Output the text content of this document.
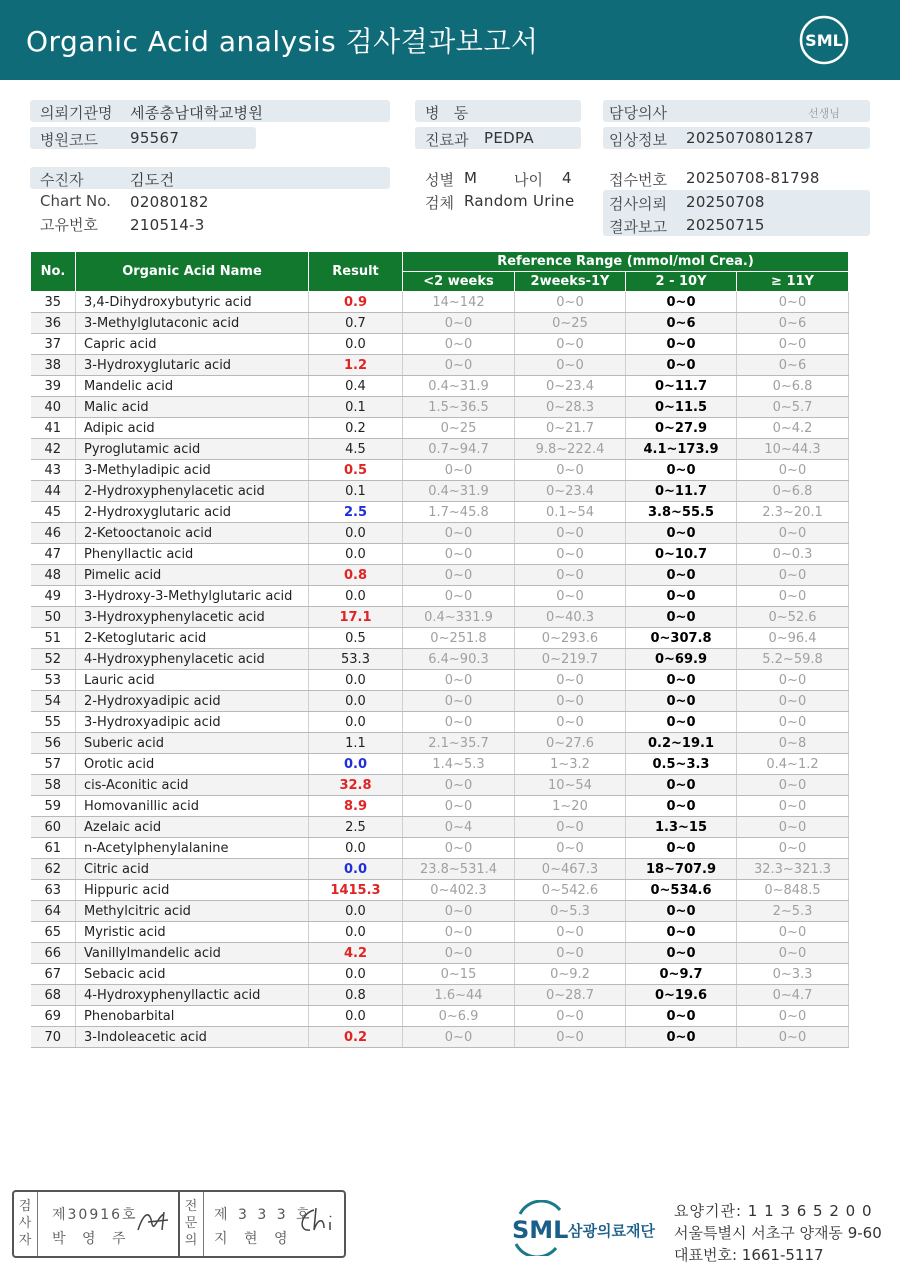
Organic Acid analysis 검사결과보고서	SML
의뢰기관명 세종충남대학교병원
병원코드 95567
병   동
진료과 PEDPA
담당의사	선생님
임상정보 2025070801287
수진자	김도건
Chart No. 02080182
고유번호 210514-3
성별 M 나이 4
검체 Random Urine
접수번호 20250708-81798
검사의뢰 20250708
결과보고 20250715
No.	Organic Acid Name	Result	Reference Range (mmol/mol Crea.)			
			<2 weeks	2weeks-1Y	2 - 10Y	≥ 11Y
35	3,4-Dihydroxybutyric acid	0.9	14~142	0~0	0~0	0~0
36	3-Methylglutaconic acid	0.7	0~0	0~25	0~6	0~6
37	Capric acid	0.0	0~0	0~0	0~0	0~0
38	3-Hydroxyglutaric acid	1.2	0~0	0~0	0~0	0~6
39	Mandelic acid	0.4	0.4~31.9	0~23.4	0~11.7	0~6.8
40	Malic acid	0.1	1.5~36.5	0~28.3	0~11.5	0~5.7
41	Adipic acid	0.2	0~25	0~21.7	0~27.9	0~4.2
42	Pyroglutamic acid	4.5	0.7~94.7	9.8~222.4	4.1~173.9	10~44.3
43	3-Methyladipic acid	0.5	0~0	0~0	0~0	0~0
44	2-Hydroxyphenylacetic acid	0.1	0.4~31.9	0~23.4	0~11.7	0~6.8
45	2-Hydroxyglutaric acid	2.5	1.7~45.8	0.1~54	3.8~55.5	2.3~20.1
46	2-Ketooctanoic acid	0.0	0~0	0~0	0~0	0~0
47	Phenyllactic acid	0.0	0~0	0~0	0~10.7	0~0.3
48	Pimelic acid	0.8	0~0	0~0	0~0	0~0
49	3-Hydroxy-3-Methylglutaric acid	0.0	0~0	0~0	0~0	0~0
50	3-Hydroxyphenylacetic acid	17.1	0.4~331.9	0~40.3	0~0	0~52.6
51	2-Ketoglutaric acid	0.5	0~251.8	0~293.6	0~307.8	0~96.4
52	4-Hydroxyphenylacetic acid	53.3	6.4~90.3	0~219.7	0~69.9	5.2~59.8
53	Lauric acid	0.0	0~0	0~0	0~0	0~0
54	2-Hydroxyadipic acid	0.0	0~0	0~0	0~0	0~0
55	3-Hydroxyadipic acid	0.0	0~0	0~0	0~0	0~0
56	Suberic acid	1.1	2.1~35.7	0~27.6	0.2~19.1	0~8
57	Orotic acid	0.0	1.4~5.3	1~3.2	0.5~3.3	0.4~1.2
58	cis-Aconitic acid	32.8	0~0	10~54	0~0	0~0
59	Homovanillic acid	8.9	0~0	1~20	0~0	0~0
60	Azelaic acid	2.5	0~4	0~0	1.3~15	0~0
61	n-Acetylphenylalanine	0.0	0~0	0~0	0~0	0~0
62	Citric acid	0.0	23.8~531.4	0~467.3	18~707.9	32.3~321.3
63	Hippuric acid	1415.3	0~402.3	0~542.6	0~534.6	0~848.5
64	Methylcitric acid	0.0	0~0	0~5.3	0~0	2~5.3
65	Myristic acid	0.0	0~0	0~0	0~0	0~0
66	Vanillylmandelic acid	4.2	0~0	0~0	0~0	0~0
67	Sebacic acid	0.0	0~15	0~9.2	0~9.7	0~3.3
68	4-Hydroxyphenyllactic acid	0.8	1.6~44	0~28.7	0~19.6	0~4.7
69	Phenobarbital	0.0	0~6.9	0~0	0~0	0~0
70	3-Indoleacetic acid	0.2	0~0	0~0	0~0	0~0
검사자
제30916호
박 영 주
전문의
제 3 3 3 호
지 현 영	SML 삼광의료재단
요양기관: 1 1 3 6 5 2 0 0
서울특별시 서초구 양재동 9-60
대표번호: 1661-5117
